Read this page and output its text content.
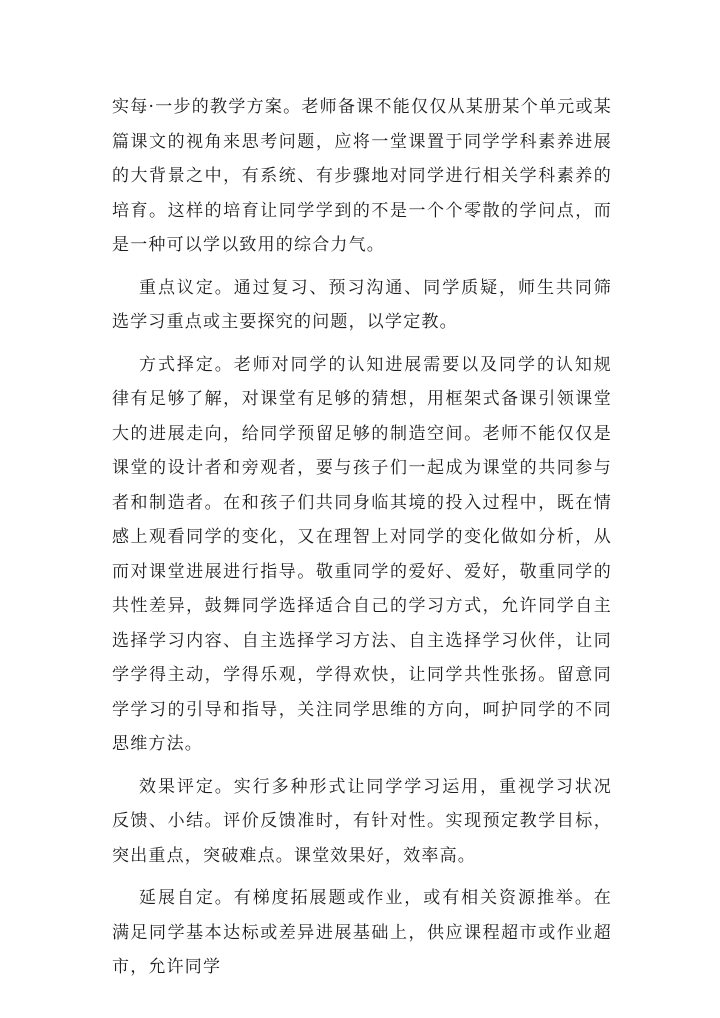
实每·一步的教学方案。老师备课不能仅仅从某册某个单元或某篇课文的视角来思考问题，应将一堂课置于同学学科素养进展的大背景之中，有系统、有步骤地对同学进行相关学科素养的培育。这样的培育让同学学到的不是一个个零散的学问点，而是一种可以学以致用的综合力气。

重点议定。通过复习、预习沟通、同学质疑，师生共同筛选学习重点或主要探究的问题，以学定教。

方式择定。老师对同学的认知进展需要以及同学的认知规律有足够了解，对课堂有足够的猜想，用框架式备课引领课堂大的进展走向，给同学预留足够的制造空间。老师不能仅仅是课堂的设计者和旁观者，要与孩子们一起成为课堂的共同参与者和制造者。在和孩子们共同身临其境的投入过程中，既在情感上观看同学的变化，又在理智上对同学的变化做如分析，从而对课堂进展进行指导。敬重同学的爱好、爱好，敬重同学的共性差异，鼓舞同学选择适合自己的学习方式，允许同学自主选择学习内容、自主选择学习方法、自主选择学习伙伴，让同学学得主动，学得乐观，学得欢快，让同学共性张扬。留意同学学习的引导和指导，关注同学思维的方向，呵护同学的不同思维方法。

效果评定。实行多种形式让同学学习运用，重视学习状况反馈、小结。评价反馈准时，有针对性。实现预定教学目标，突出重点，突破难点。课堂效果好，效率高。

延展自定。有梯度拓展题或作业，或有相关资源推举。在满足同学基本达标或差异进展基础上，供应课程超市或作业超市，允许同学
